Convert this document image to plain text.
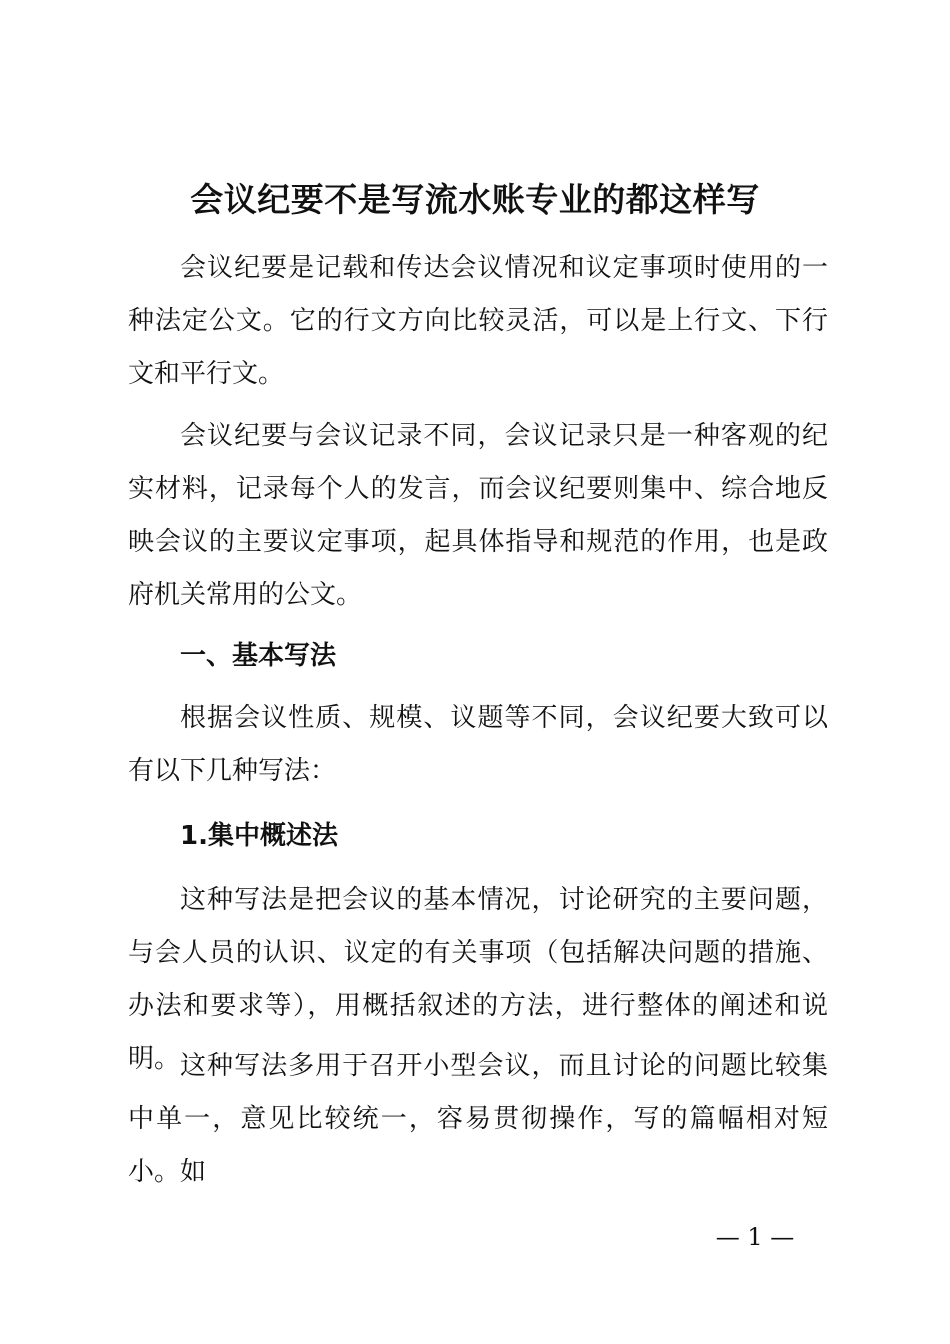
会议纪要不是写流水账专业的都这样写
会议纪要是记载和传达会议情况和议定事项时使用的一种法定公文。它的行文方向比较灵活，可以是上行文、下行文和平行文。
会议纪要与会议记录不同，会议记录只是一种客观的纪实材料，记录每个人的发言，而会议纪要则集中、综合地反映会议的主要议定事项，起具体指导和规范的作用，也是政府机关常用的公文。
一、基本写法
根据会议性质、规模、议题等不同，会议纪要大致可以有以下几种写法：
1.集中概述法
这种写法是把会议的基本情况，讨论研究的主要问题，与会人员的认识、议定的有关事项（包括解决问题的措施、办法和要求等），用概括叙述的方法，进行整体的阐述和说明。 这种写法多用于召开小型会议，而且讨论的问题比较集中单一，意见比较统一，容易贯彻操作，写的篇幅相对短小。如
— 1 —
